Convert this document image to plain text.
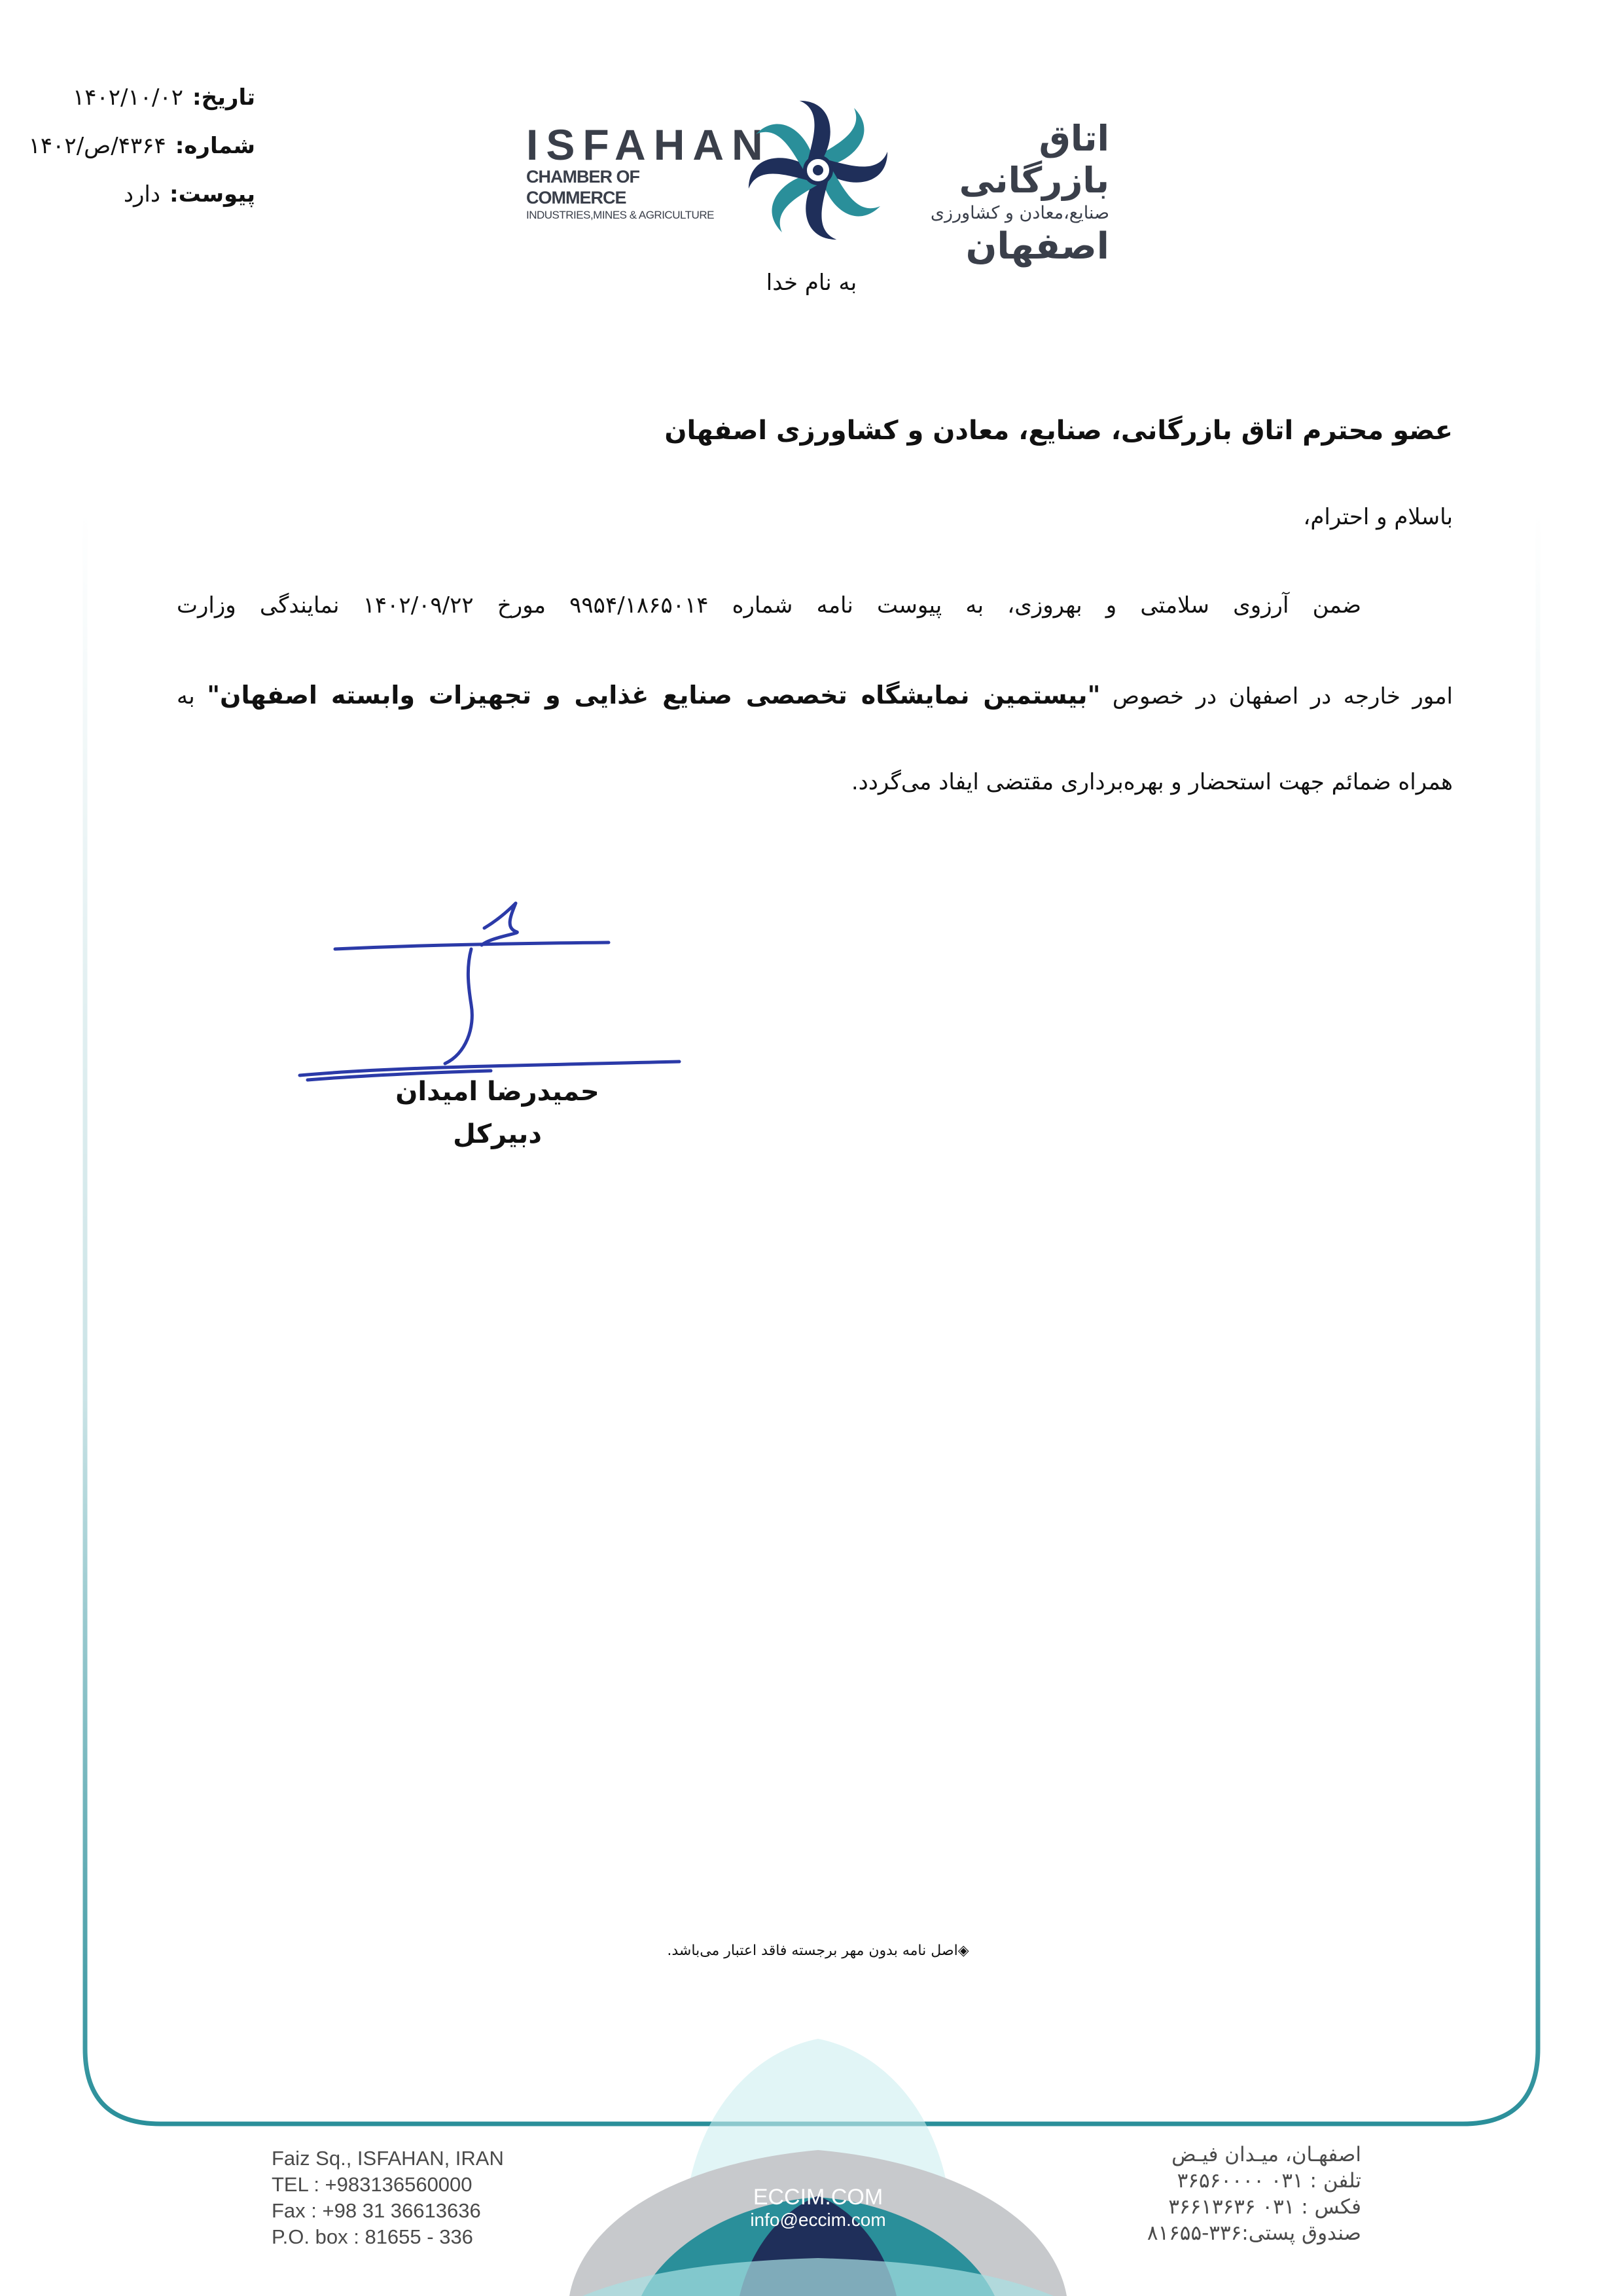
تاریخ:۱۴۰۲/۱۰/۰۲
شماره:۴۳۶۴/ص/۱۴۰۲
پیوست:دارد
ISFAHAN
CHAMBER OF COMMERCE
INDUSTRIES,MINES & AGRICULTURE
اتاق بازرگانی
صنایع،معادن و کشاورزی
اصفهان
به نام خدا
عضو محترم اتاق بازرگانی، صنایع، معادن و کشاورزی اصفهان
باسلام و احترام،
ضمن آرزوی سلامتی و بهروزی، به پیوست نامه شماره ۹۹۵۴/۱۸۶۵۰۱۴ مورخ ۱۴۰۲/۰۹/۲۲ نمایندگی وزارت
امور خارجه در اصفهان در خصوص "بیستمین نمایشگاه تخصصی صنایع غذایی و تجهیزات وابسته اصفهان" به
همراه ضمائم جهت استحضار و بهره‌برداری مقتضی ایفاد می‌گردد.
حمیدرضا امیدان
دبیرکل
◈اصل نامه بدون مهر برجسته فاقد اعتبار می‌باشد.
ECCIM.COM
info@eccim.com
Faiz Sq., ISFAHAN, IRAN
TEL : +983136560000
Fax : +98 31 36613636
P.O. box : 81655 - 336
اصفهـان، میـدان فیـض
تلفن : ۰۳۱ ۳۶۵۶۰۰۰۰
فکس : ۰۳۱ ۳۶۶۱۳۶۳۶
صندوق پستی:۳۳۶-۸۱۶۵۵
